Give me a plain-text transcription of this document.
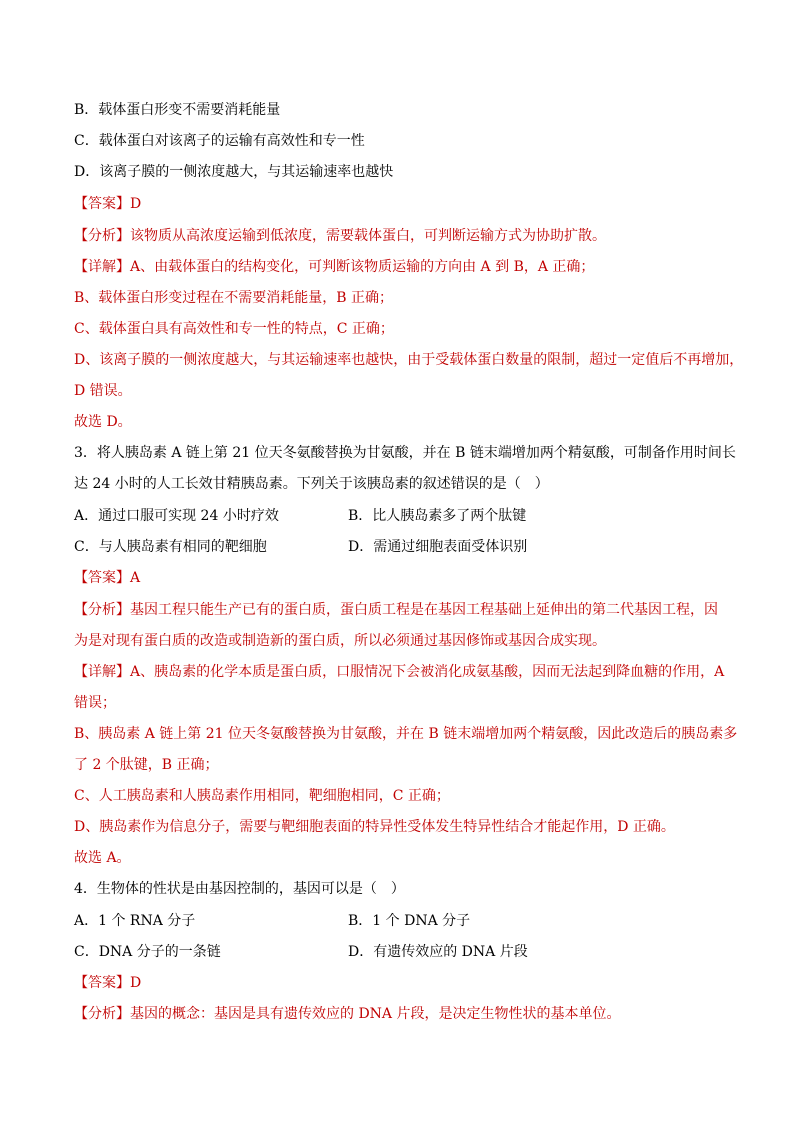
B．载体蛋白形变不需要消耗能量
C．载体蛋白对该离子的运输有高效性和专一性
D．该离子膜的一侧浓度越大，与其运输速率也越快
【答案】D
【分析】该物质从高浓度运输到低浓度，需要载体蛋白，可判断运输方式为协助扩散。
【详解】A、由载体蛋白的结构变化，可判断该物质运输的方向由 A 到 B，A 正确；
B、载体蛋白形变过程在不需要消耗能量，B 正确；
C、载体蛋白具有高效性和专一性的特点，C 正确；
D、该离子膜的一侧浓度越大，与其运输速率也越快，由于受载体蛋白数量的限制，超过一定值后不再增加，
D 错误。
故选 D。
3．将人胰岛素 A 链上第 21 位天冬氨酸替换为甘氨酸，并在 B 链末端增加两个精氨酸，可制备作用时间长
达 24 小时的人工长效甘精胰岛素。下列关于该胰岛素的叙述错误的是（　）
A．通过口服可实现 24 小时疗效	B．比人胰岛素多了两个肽键
C．与人胰岛素有相同的靶细胞	D．需通过细胞表面受体识别
【答案】A
【分析】基因工程只能生产已有的蛋白质，蛋白质工程是在基因工程基础上延伸出的第二代基因工程，因
为是对现有蛋白质的改造或制造新的蛋白质，所以必须通过基因修饰或基因合成实现。
【详解】A、胰岛素的化学本质是蛋白质，口服情况下会被消化成氨基酸，因而无法起到降血糖的作用，A
错误；
B、胰岛素 A 链上第 21 位天冬氨酸替换为甘氨酸，并在 B 链末端增加两个精氨酸，因此改造后的胰岛素多
了 2 个肽键，B 正确；
C、人工胰岛素和人胰岛素作用相同，靶细胞相同，C 正确；
D、胰岛素作为信息分子，需要与靶细胞表面的特异性受体发生特异性结合才能起作用，D 正确。
故选 A。
4．生物体的性状是由基因控制的，基因可以是（　）
A．1 个 RNA 分子	B．1 个 DNA 分子
C．DNA 分子的一条链	D．有遗传效应的 DNA 片段
【答案】D
【分析】基因的概念：基因是具有遗传效应的 DNA 片段，是决定生物性状的基本单位。
